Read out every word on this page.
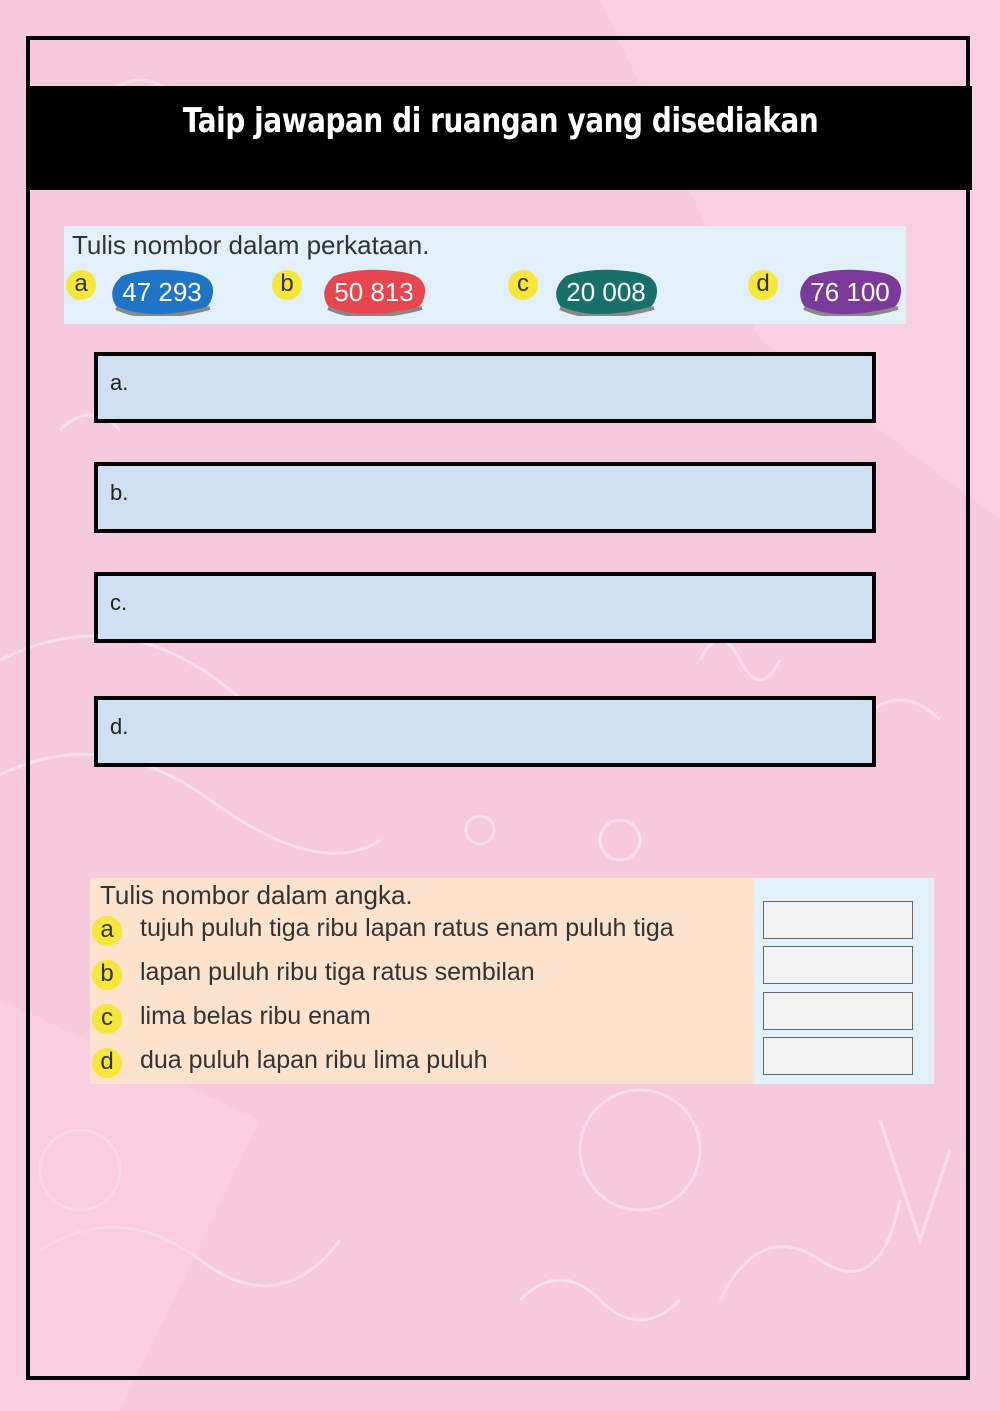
Taip jawapan di ruangan yang disediakan
Tulis nombor dalam perkataan.
a	47 293	b	50 813	c	20 008	d	76 100
a.
b.
c.
d.
Tulis nombor dalam angka.
a	tujuh puluh tiga ribu lapan ratus enam puluh tiga
b	lapan puluh ribu tiga ratus sembilan
c	lima belas ribu enam
d	dua puluh lapan ribu lima puluh
